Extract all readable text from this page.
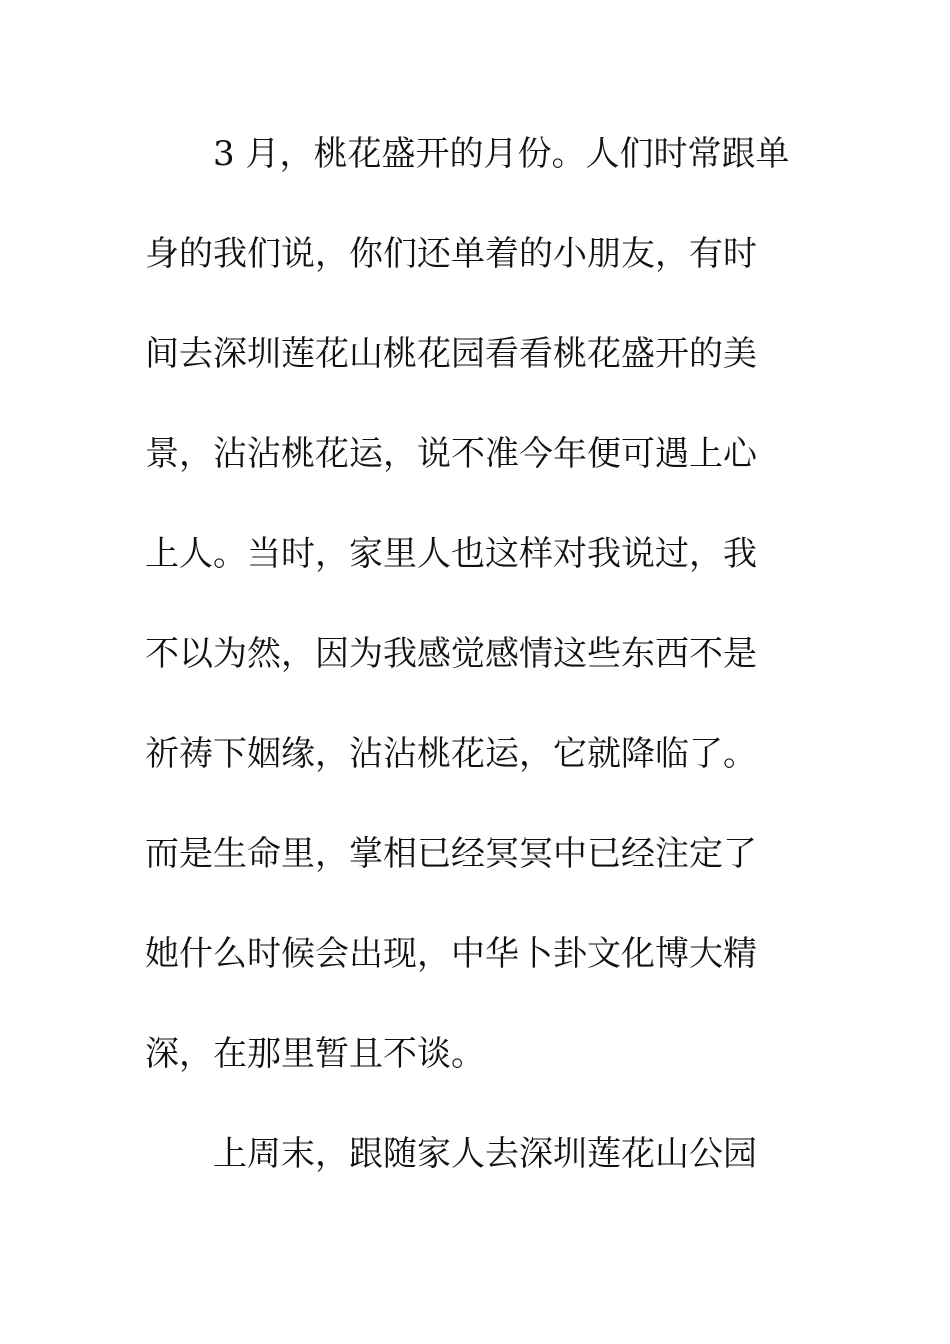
3 月，桃花盛开的月份。人们时常跟单
身的我们说，你们还单着的小朋友，有时
间去深圳莲花山桃花园看看桃花盛开的美
景，沾沾桃花运，说不准今年便可遇上心
上人。当时，家里人也这样对我说过，我
不以为然，因为我感觉感情这些东西不是
祈祷下姻缘，沾沾桃花运，它就降临了。
而是生命里，掌相已经冥冥中已经注定了
她什么时候会出现，中华卜卦文化博大精
深，在那里暂且不谈。
上周末，跟随家人去深圳莲花山公园
